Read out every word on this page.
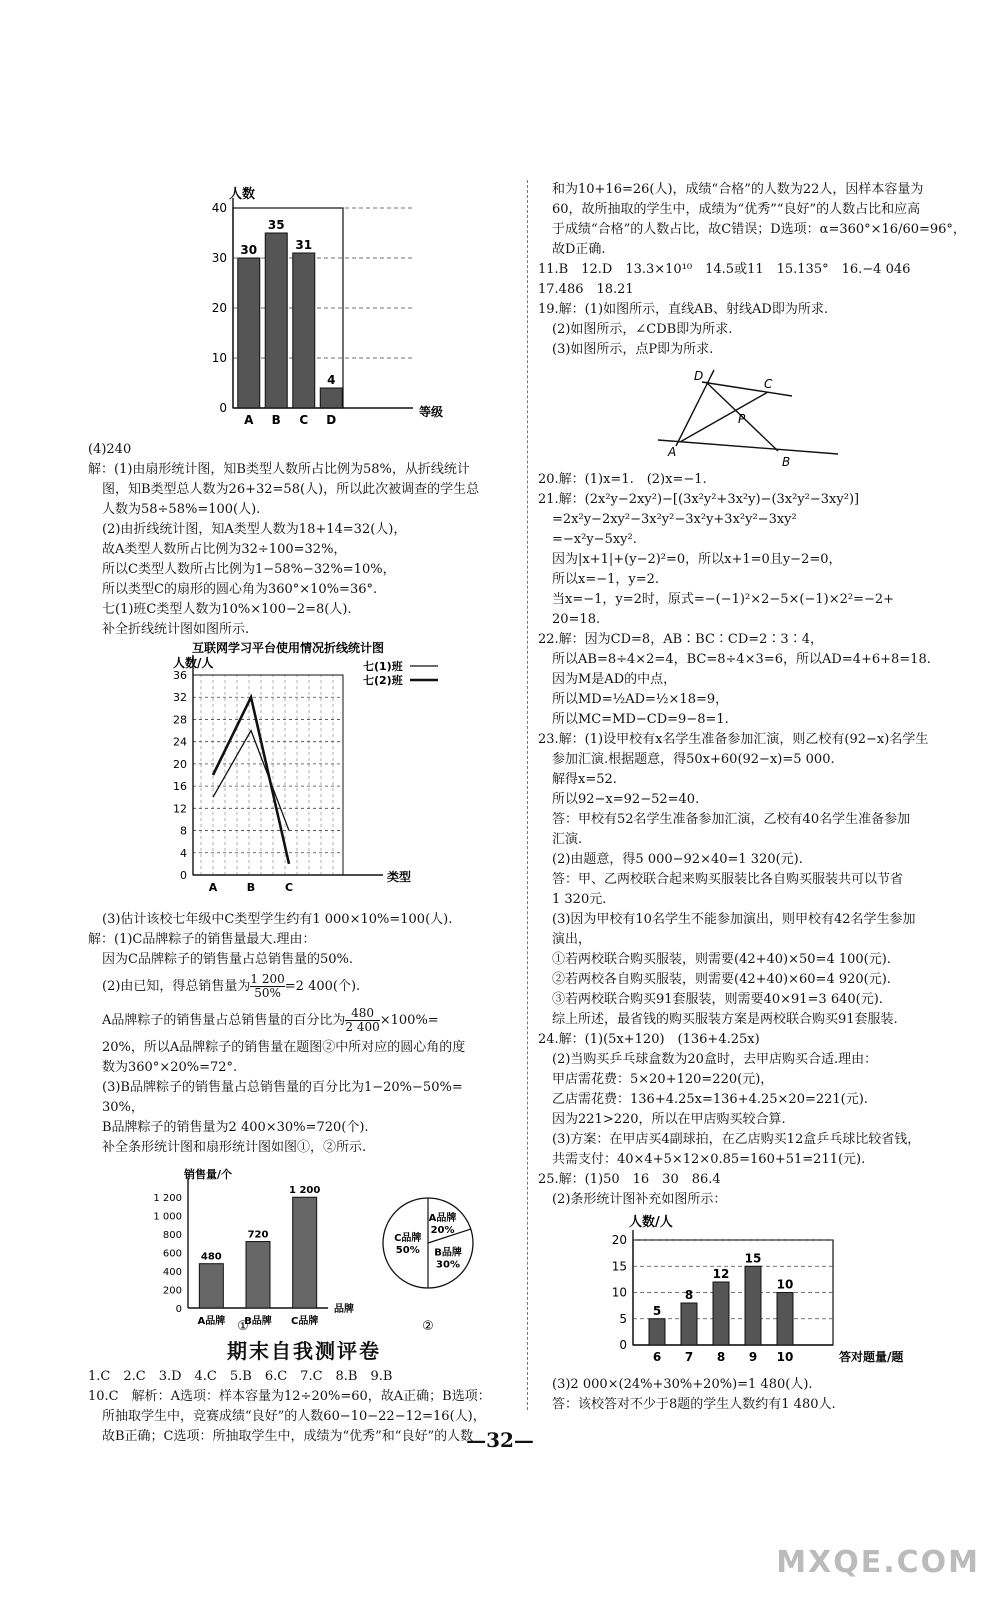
40
30
20
10
0
人数
等级
30
A
35
B
31
C
4
D

(4)240

解：(1)由扇形统计图，知B类型人数所占比例为58%，从折线统计

图，知B类型总人数为26+32=58(人)，所以此次被调查的学生总

人数为58÷58%=100(人).

(2)由折线统计图，知A类型人数为18+14=32(人)，

故A类型人数所占比例为32÷100=32%，

所以C类型人数所占比例为1−58%−32%=10%，

所以类型C的扇形的圆心角为360°×10%=36°.

七(1)班C类型人数为10%×100−2=8(人).

补全折线统计图如图所示.

互联网学习平台使用情况折线统计图
七(1)班
七(2)班
人数/人
类型
36
32
28
24
20
16
12
8
4
0
A	B	C

(3)估计该校七年级中C类型学生约有1 000×10%=100(人).

解：(1)C品牌粽子的销售量最大.理由：

因为C品牌粽子的销售量占总销售量的50%.

(2)由已知，得总销售量为 $\frac{1 200}{50\%} =2$ 400(个).

A品牌粽子的销售量占总销售量的百分比为 $\frac{480}{2 400} \times 100\%=$

20%，所以A品牌粽子的销售量在题图②中所对应的圆心角的度

数为360°×20%=72°.

(3)B品牌粽子的销售量占总销售量的百分比为1−20%−50%=

30%，

B品牌粽子的销售量为2 400×30%=720(个).

补全条形统计图和扇形统计图如图①，②所示.

1 200
1 000
800
600
400
200
0
销售量/个
品牌
480
A品牌
720
B品牌
1 200
C品牌
①
A品牌
20%
B品牌
30%
C品牌
50%
②
期末自我测评卷

1.C　2.C　3.D　4.C　5.B　6.C　7.C　8.B　9.B

10.C　解析：A选项：样本容量为12÷20%=60，故A正确；B选项：

所抽取学生中，竞赛成绩“良好”的人数60−10−22−12=16(人)，

故B正确；C选项：所抽取学生中，成绩为“优秀”和“良好”的人数

和为10+16=26(人)，成绩“合格”的人数为22人，因样本容量为

60，故所抽取的学生中，成绩为“优秀”“良好”的人数占比和应高

于成绩“合格”的人数占比，故C错误；D选项：α=360°×16/60=96°，

故D正确.

11.B　12.D　13.3×10¹⁰　14.5或11　15.135°　16.−4 046

17.486　18.21

19.解：(1)如图所示，直线AB、射线AD即为所求.

(2)如图所示，∠CDB即为所求.

(3)如图所示，点P即为所求.

D
C
P
A
B

20.解：(1)x=1.　(2)x=−1.

21.解：(2x²y−2xy²)−[(3x²y²+3x²y)−(3x²y²−3xy²)]

=2x²y−2xy²−3x²y²−3x²y+3x²y²−3xy²

=−x²y−5xy².

因为|x+1|+(y−2)²=0，所以x+1=0且y−2=0，

所以x=−1，y=2.

当x=−1，y=2时，原式=−(−1)²×2−5×(−1)×2²=−2+

20=18.

22.解：因为CD=8，AB∶BC∶CD=2∶3∶4，

所以AB=8÷4×2=4，BC=8÷4×3=6，所以AD=4+6+8=18.

因为M是AD的中点，

所以MD=½AD=½×18=9，

所以MC=MD−CD=9−8=1.

23.解：(1)设甲校有x名学生准备参加汇演，则乙校有(92−x)名学生

参加汇演.根据题意，得50x+60(92−x)=5 000.

解得x=52.

所以92−x=92−52=40.

答：甲校有52名学生准备参加汇演，乙校有40名学生准备参加

汇演.

(2)由题意，得5 000−92×40=1 320(元).

答：甲、乙两校联合起来购买服装比各自购买服装共可以节省

1 320元.

(3)因为甲校有10名学生不能参加演出，则甲校有42名学生参加

演出，

①若两校联合购买服装，则需要(42+40)×50=4 100(元).

②若两校各自购买服装，则需要(42+40)×60=4 920(元).

③若两校联合购买91套服装，则需要40×91=3 640(元).

综上所述，最省钱的购买服装方案是两校联合购买91套服装.

24.解：(1)(5x+120)　(136+4.25x)

(2)当购买乒乓球盒数为20盒时，去甲店购买合适.理由：

甲店需花费：5×20+120=220(元)，

乙店需花费：136+4.25x=136+4.25×20=221(元).

因为221>220，所以在甲店购买较合算.

(3)方案：在甲店买4副球拍，在乙店购买12盒乒乓球比较省钱，

共需支付：40×4+5×12×0.85=160+51=211(元).

25.解：(1)50　16　30　86.4

(2)条形统计图补充如图所示：

20
15
10
5
0
人数/人
答对题量/题
5
6
8
7
12
8
15
9
10
10

(3)2 000×(24%+30%+20%)=1 480(人).

答：该校答对不少于8题的学生人数约有1 480人.

—32—
MXQE.COM
